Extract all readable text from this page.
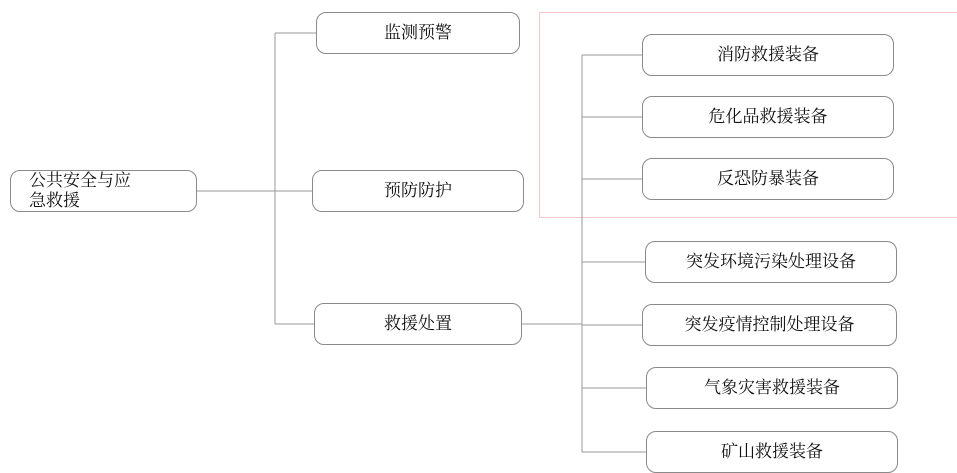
公共安全与应
急救援
监测预警
预防防护
救援处置
消防救援装备
危化品救援装备
反恐防暴装备
突发环境污染处理设备
突发疫情控制处理设备
气象灾害救援装备
矿山救援装备
